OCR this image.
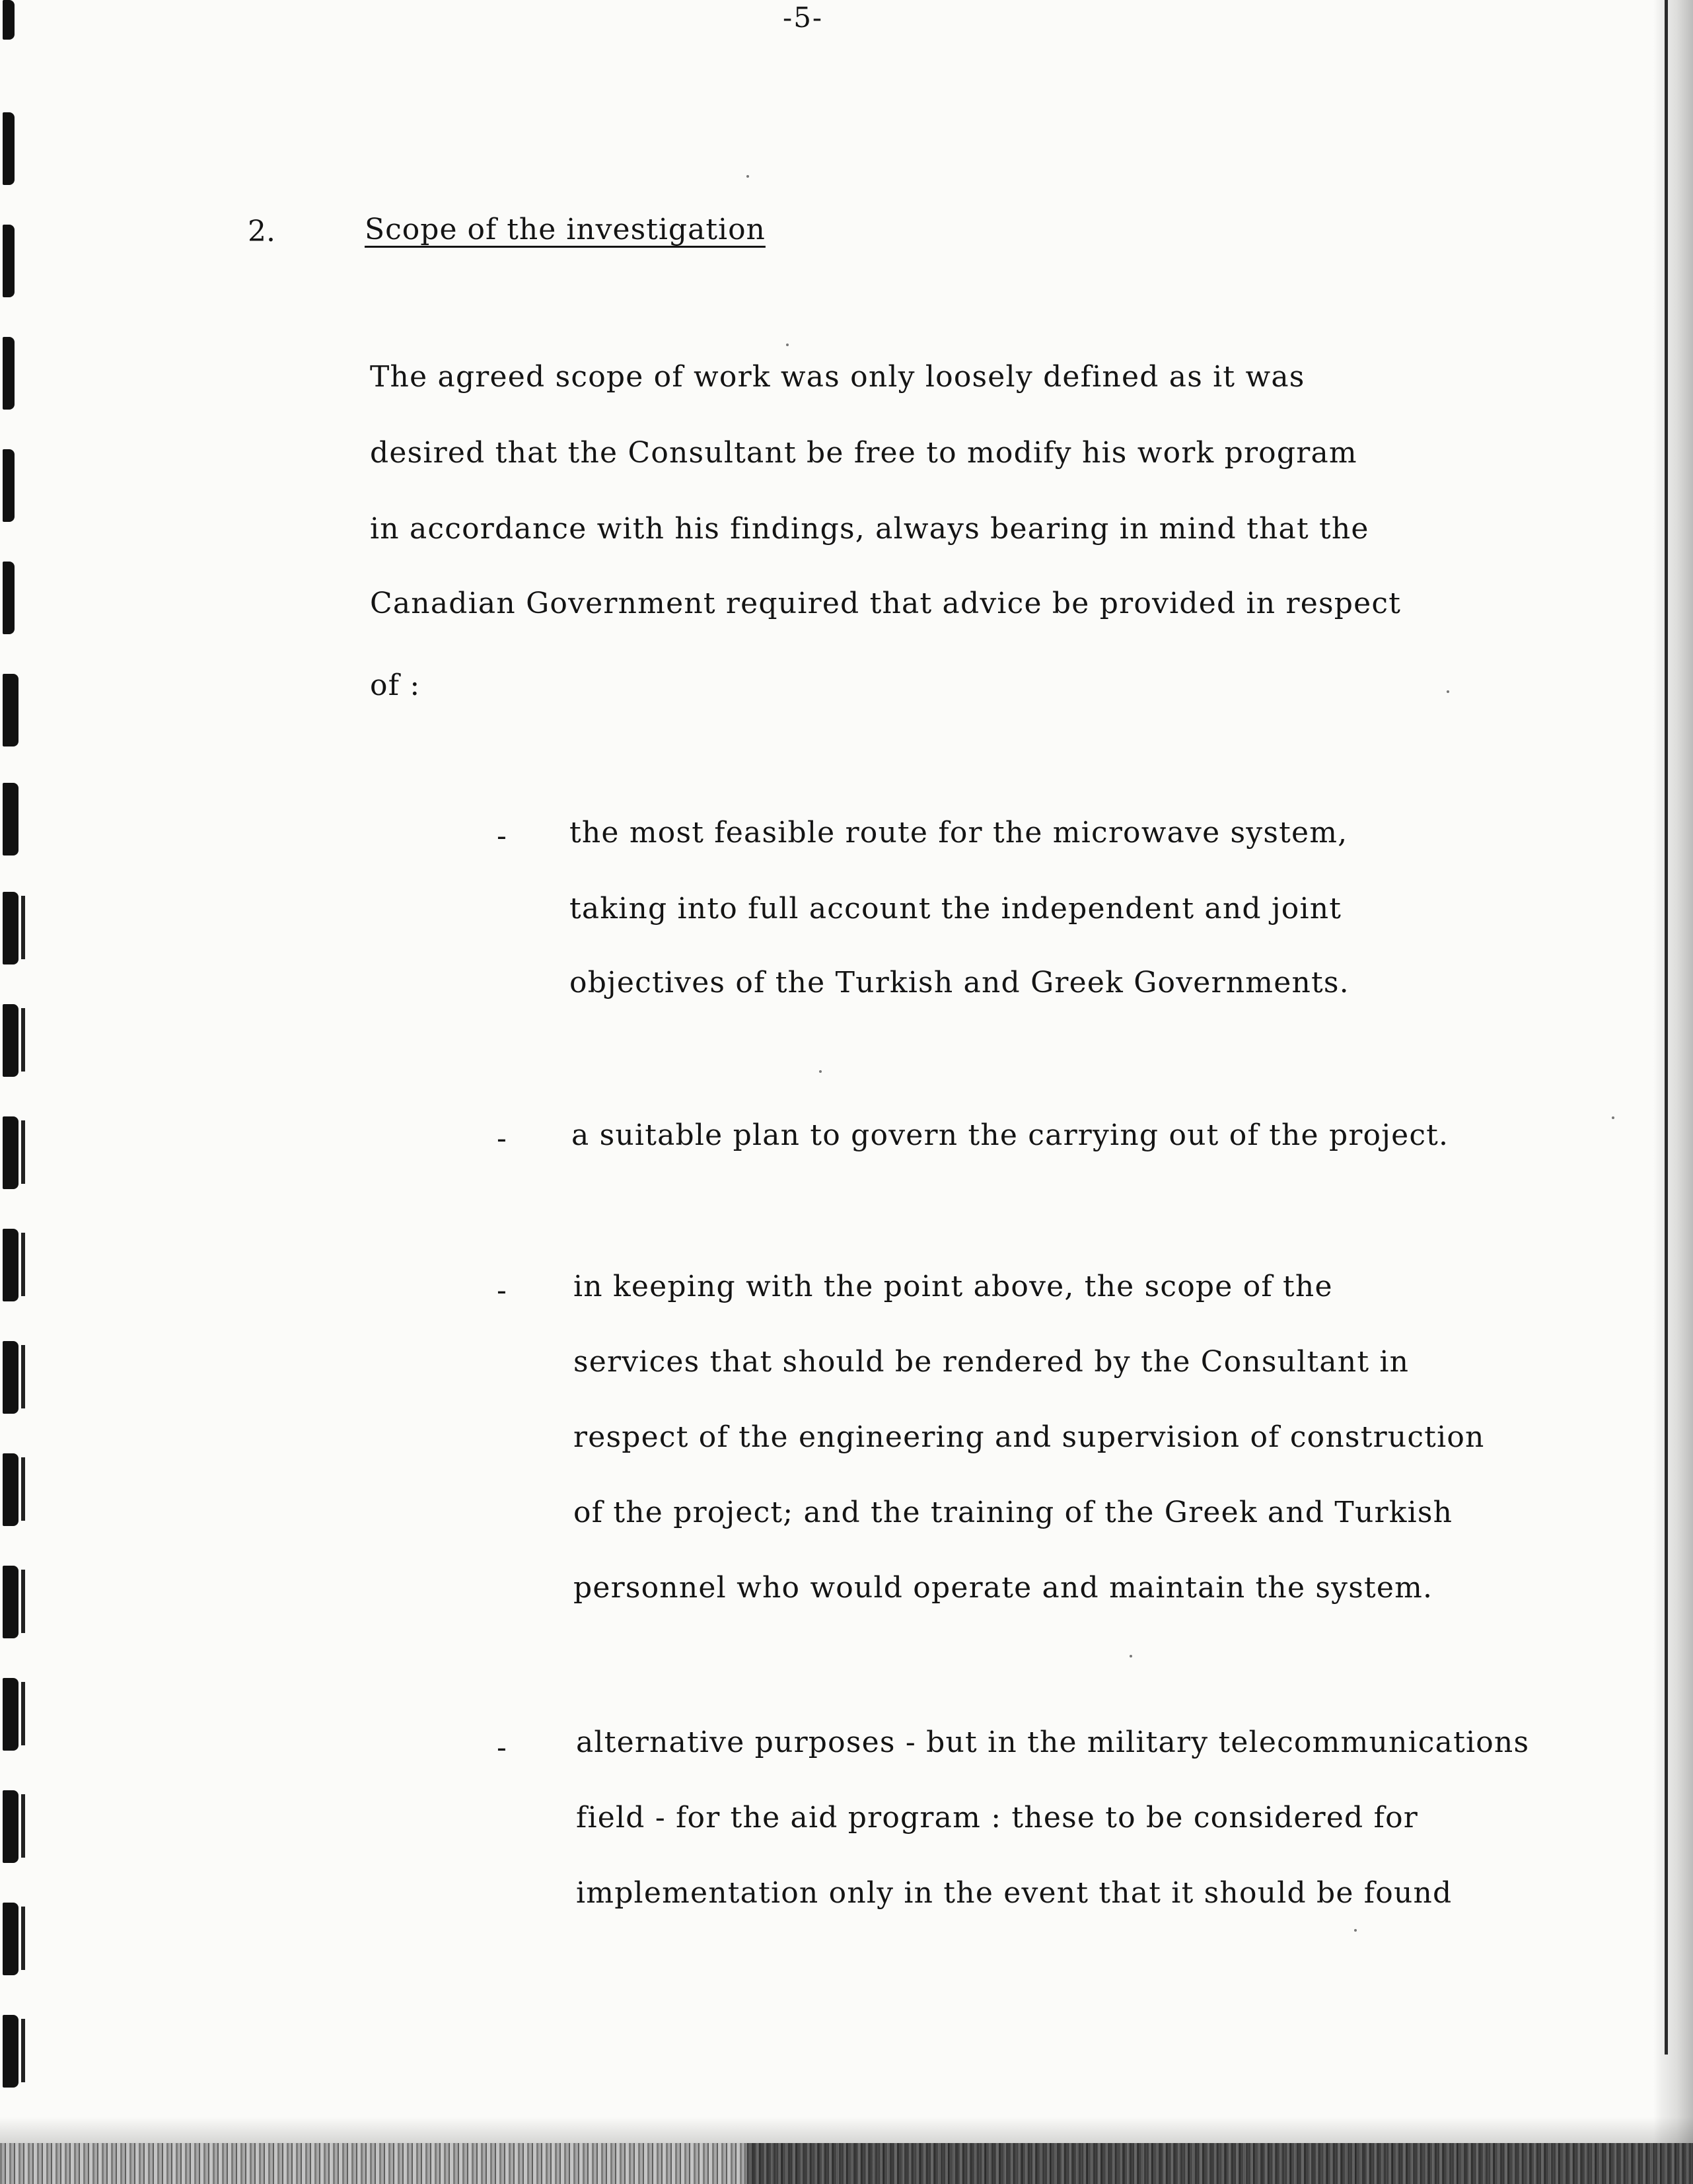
-5-
2.	Scope of the investigation
The agreed scope of work was only loosely defined as it was
desired that the Consultant be free to modify his work program
in accordance with his findings, always bearing in mind that the
Canadian Government required that advice be provided in respect
of :
- the most feasible route for the microwave system,
taking into full account the independent and joint
objectives of the Turkish and Greek Governments.
- a suitable plan to govern the carrying out of the project.
- in keeping with the point above, the scope of the
services that should be rendered by the Consultant in
respect of the engineering and supervision of construction
of the project; and the training of the Greek and Turkish
personnel who would operate and maintain the system.
- alternative purposes - but in the military telecommunications
field - for the aid program : these to be considered for
implementation only in the event that it should be found
